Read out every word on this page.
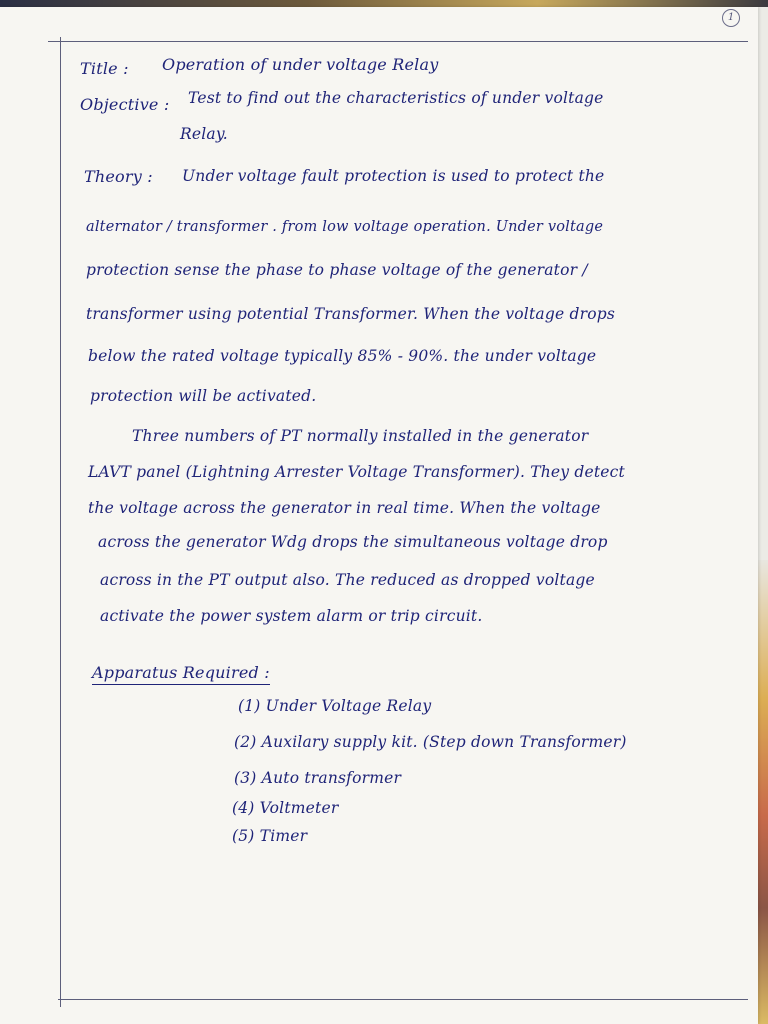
1

Title : Operation of under voltage Relay

Objective : Test to find out the characteristics of under voltage

Relay.

Theory : Under voltage fault protection is used to protect the

alternator / transformer . from low voltage operation. Under voltage

protection sense the phase to phase voltage of the generator /

transformer using potential Transformer. When the voltage drops

below the rated voltage typically 85% - 90%. the under voltage

protection will be activated.

Three numbers of PT normally installed in the generator

LAVT panel (Lightning Arrester Voltage Transformer). They detect

the voltage across the generator in real time. When the voltage

across the generator Wdg drops the simultaneous voltage drop

across in the PT output also. The reduced as dropped voltage

activate the power system alarm or trip circuit.

Apparatus Required :

(1) Under Voltage Relay

(2) Auxilary supply kit. (Step down Transformer)

(3) Auto transformer

(4) Voltmeter

(5) Timer
